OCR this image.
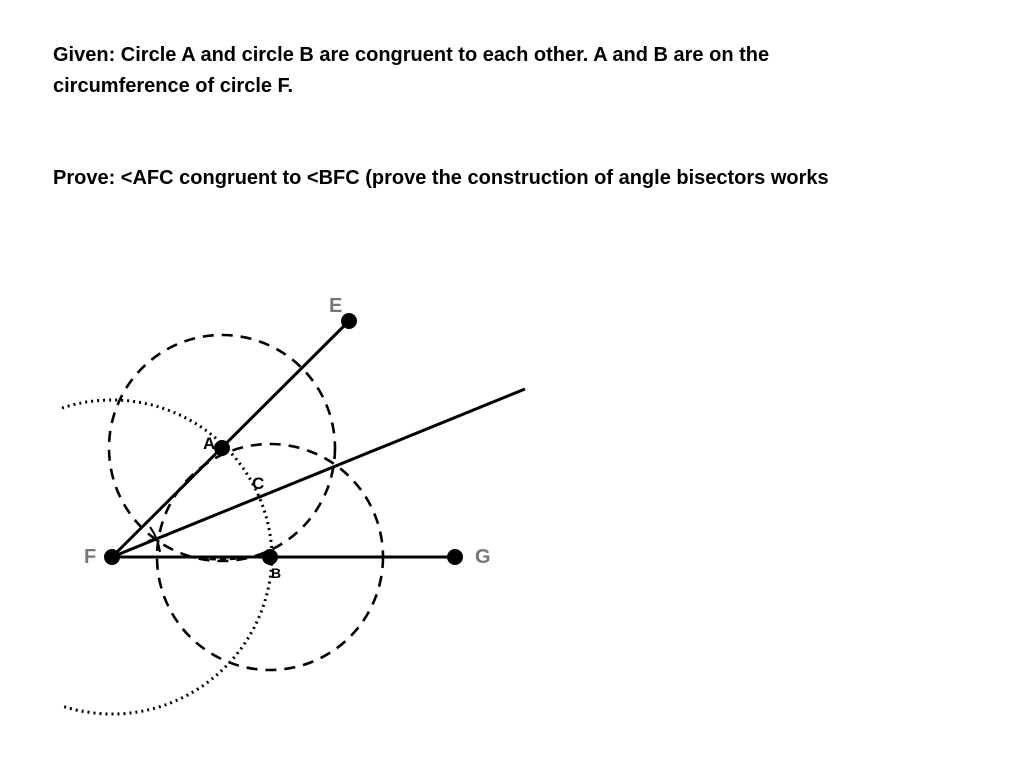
Given: Circle A and circle B are congruent to each other. A and B are on the
circumference of circle F.
Prove: <AFC congruent to <BFC (prove the construction of angle bisectors works
E
A
C
F
B
G
